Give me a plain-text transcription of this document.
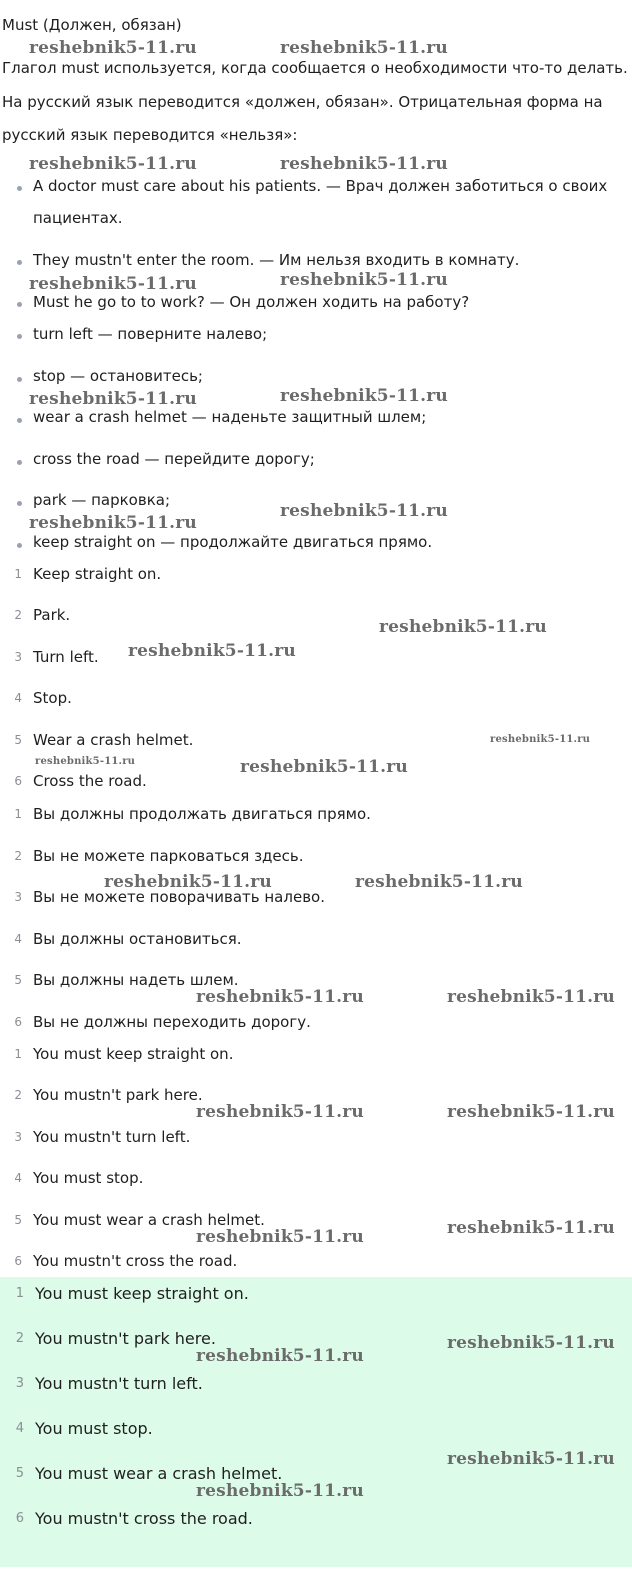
Must (Должен, обязан)
Глагол must используется, когда сообщается о необходимости что-то делать.
На русский язык переводится «должен, обязан». Отрицательная форма на
русский язык переводится «нельзя»:
A doctor must care about his patients. — Врач должен заботиться о своих
пациентах.
They mustn't enter the room. — Им нельзя входить в комнату.
Must he go to to work? — Он должен ходить на работу?
turn left — поверните налево;
stop — остановитесь;
wear a crash helmet — наденьте защитный шлем;
cross the road — перейдите дорогу;
park — парковка;
keep straight on — продолжайте двигаться прямо.
1 Keep straight on.
2 Park.
3 Turn left.
4 Stop.
5 Wear a crash helmet.
6 Cross the road.
1 Вы должны продолжать двигаться прямо.
2 Вы не можете парковаться здесь.
3 Вы не можете поворачивать налево.
4 Вы должны остановиться.
5 Вы должны надеть шлем.
6 Вы не должны переходить дорогу.
1 You must keep straight on.
2 You mustn't park here.
3 You mustn't turn left.
4 You must stop.
5 You must wear a crash helmet.
6 You mustn't cross the road.
1 You must keep straight on.
2 You mustn't park here.
3 You mustn't turn left.
4 You must stop.
5 You must wear a crash helmet.
6 You mustn't cross the road.
reshebnik5-11.ru	reshebnik5-11.ru
reshebnik5-11.ru	reshebnik5-11.ru
reshebnik5-11.ru	reshebnik5-11.ru
reshebnik5-11.ru	reshebnik5-11.ru
reshebnik5-11.ru
reshebnik5-11.ru
reshebnik5-11.ru
reshebnik5-11.ru
reshebnik5-11.ru
reshebnik5-11.ru	reshebnik5-11.ru
reshebnik5-11.ru	reshebnik5-11.ru
reshebnik5-11.ru	reshebnik5-11.ru
reshebnik5-11.ru	reshebnik5-11.ru
reshebnik5-11.ru
reshebnik5-11.ru
reshebnik5-11.ru
reshebnik5-11.ru
reshebnik5-11.ru
reshebnik5-11.ru
